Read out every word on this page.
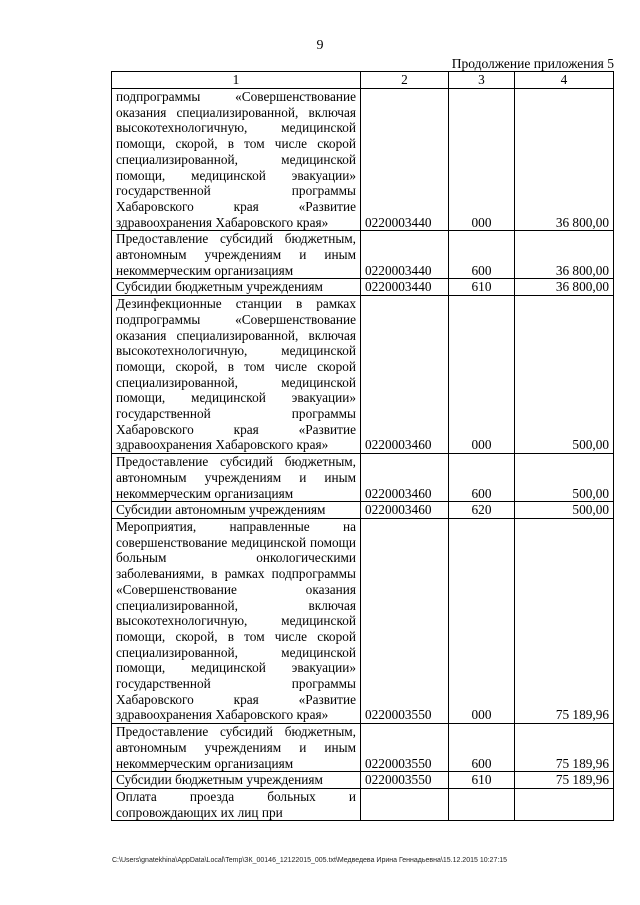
9
Продолжение приложения 5
1	2	3	4
подпрограммы «Совершенствование оказания специализированной, включая высокотехнологичную, медицинской помощи, скорой, в том числе скорой специализированной, медицинской помощи, медицинской эвакуации» государственной программы Хабаровского края «Развитие здравоохранения Хабаровского края»	0220003440	000	36 800,00
Предоставление субсидий бюджетным, автономным учреждениям и иным некоммерческим организациям	0220003440	600	36 800,00
Субсидии бюджетным учреждениям	0220003440	610	36 800,00
Дезинфекционные станции в рамках подпрограммы «Совершенствование оказания специализированной, включая высокотехнологичную, медицинской помощи, скорой, в том числе скорой специализированной, медицинской помощи, медицинской эвакуации» государственной программы Хабаровского края «Развитие здравоохранения Хабаровского края»	0220003460	000	500,00
Предоставление субсидий бюджетным, автономным учреждениям и иным некоммерческим организациям	0220003460	600	500,00
Субсидии автономным учреждениям	0220003460	620	500,00
Мероприятия, направленные на совершенствование медицинской помощи больным онкологическими заболеваниями, в рамках подпрограммы «Совершенствование оказания специализированной, включая высокотехнологичную, медицинской помощи, скорой, в том числе скорой специализированной, медицинской помощи, медицинской эвакуации» государственной программы Хабаровского края «Развитие здравоохранения Хабаровского края»	0220003550	000	75 189,96
Предоставление субсидий бюджетным, автономным учреждениям и иным некоммерческим организациям	0220003550	600	75 189,96
Субсидии бюджетным учреждениям	0220003550	610	75 189,96
Оплата проезда больных и сопровождающих их лиц при			
C:\Users\gnatekhina\AppData\Local\Temp\ЗК_00146_12122015_005.txt\Медведева Ирина Геннадьевна\15.12.2015 10:27:15
